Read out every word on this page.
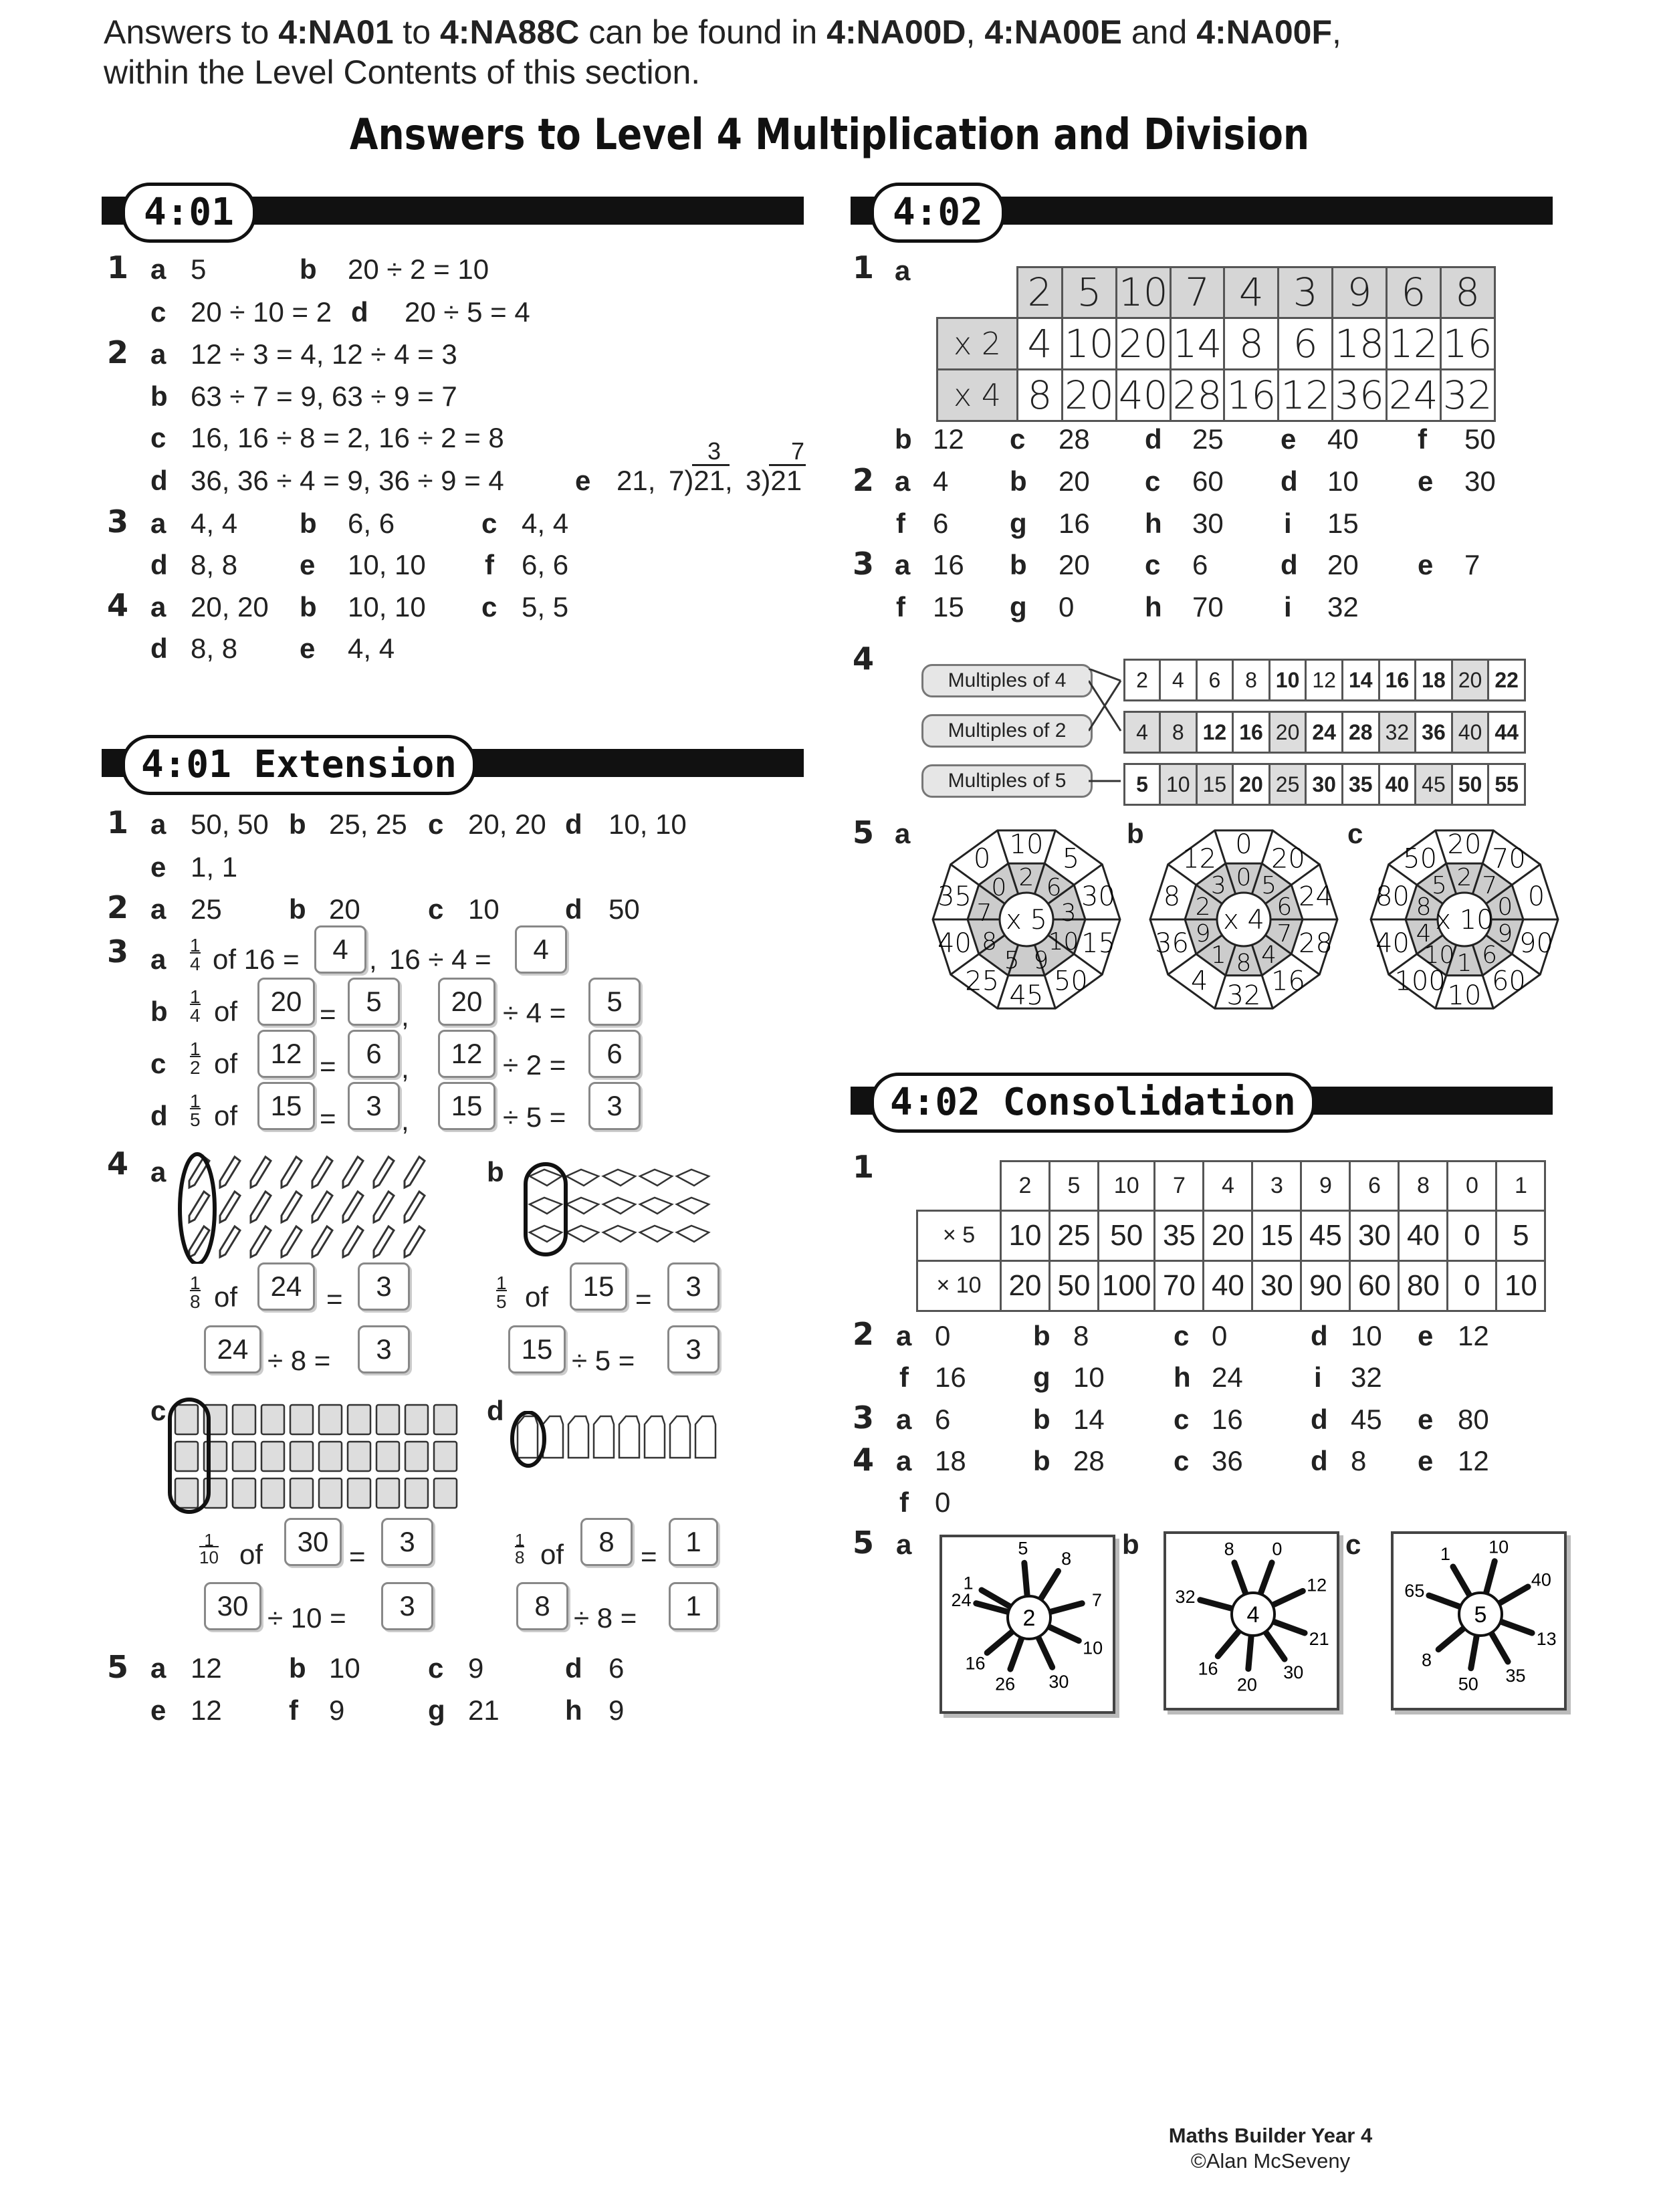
Answers to 4:NA01 to 4:NA88C can be found in 4:NA00D, 4:NA00E and 4:NA00F,
within the Level Contents of this section.
Answers to Level 4 Multiplication and Division
4:01
1 a 5	b 20 ÷ 2 = 10
c 20 ÷ 10 = 2 d 20 ÷ 5 = 4
2 a 12 ÷ 3 = 4, 12 ÷ 4 = 3
b 63 ÷ 7 = 9, 63 ÷ 9 = 7
c 16, 16 ÷ 8 = 2, 16 ÷ 2 = 8
d 36, 36 ÷ 4 = 9, 36 ÷ 9 = 4	e 21,
3
7)21,
7
3)21
3 a 4, 4 b 6, 6	c 4, 4
d 8, 8 e 10, 10 f 6, 6
4 a 20, 20 b 10, 10 c 5, 5
d 8, 8 e 4, 4
4:01 Extension
1 a 50, 50 b 25, 25 c 20, 20 d 10, 10
e 1, 1
2 a 25 b 20 c 10 d 50
3 a $\frac{1}{4}$ of 16 =	4 , 16 ÷ 4 =	4
b $\frac{1}{4}$ of	20 =	5 ,	20 ÷ 4 =	5
c $\frac{1}{2}$ of	12 =	6 ,	12 ÷ 2 =	6
d $\frac{1}{5}$ of	15 =	3 ,	15 ÷ 5 =	3
4 a	b
$\frac{1}{8}$ of	24 =	3
24 ÷ 8 =	3
$\frac{1}{5}$ of	15 =	3
15 ÷ 5 =	3
c	d
$\frac{1}{10}$ of	30 =	3
30 ÷ 10 =	3
$\frac{1}{8}$ of	8 =	1
8 ÷ 8 =	1
5 a 12 b 10 c 9	d 6
e 12 f 9	g 21 h 9
4:02
1 a
		2	5	10	7	4	3	9	6	8
x 2	4	10	20	14	8	6	18	12	16
x 4	8	20	40	28	16	12	36	24	32
b 12 c 28 d 25 e 40 f 50
2 a 4 b 20 c 60 d 10 e 30
f 6 g 16 h 30 i 15
3 a 16 b 20 c 6	d 20 e 7
f 15 g 0	h 70 i 32
4
Multiples of 4
Multiples of 2
Multiples of 5
2	4	6	8	10	12	14	16	18	20	22

4	8	12	16	20	24	28	32	36	40	44

5	10	15	20	25	30	35	40	45	50	55
5 a	b	c
x 5
2 6
3
10
9
5
8
7
0
10 5
30
15
50
45
25
40
35
0
x 4
0 5
6
7
4
8
1
9
2
3
0 20
24
28
16
32
4
36
8
12
x 10
2 7
0
9
6
1
10
4
8
5
20 70
0
90
60
10
100
40
80
50
4:02 Consolidation
1
	2	5	10	7	4	3	9	6	8	0	1
× 5	10	25	50	35	20	15	45	30	40	0	5
× 10	20	50	100	70	40	30	90	60	80	0	10
2 a 0	b 8	c 0	d 10 e 12
f 16 g 10 h 24	i 32
3 a 6	b 14 c 16 d 45 e 80
4 a 18 b 28 c 36 d 8 e 12
f 0
5 a	b	c
2
1
5
8
7
10
30
26
16
24
4
8 0
12
21
30
20
16
32
5
1 10
40
13
35
50
8
65
Maths Builder Year 4
©Alan McSeveny
